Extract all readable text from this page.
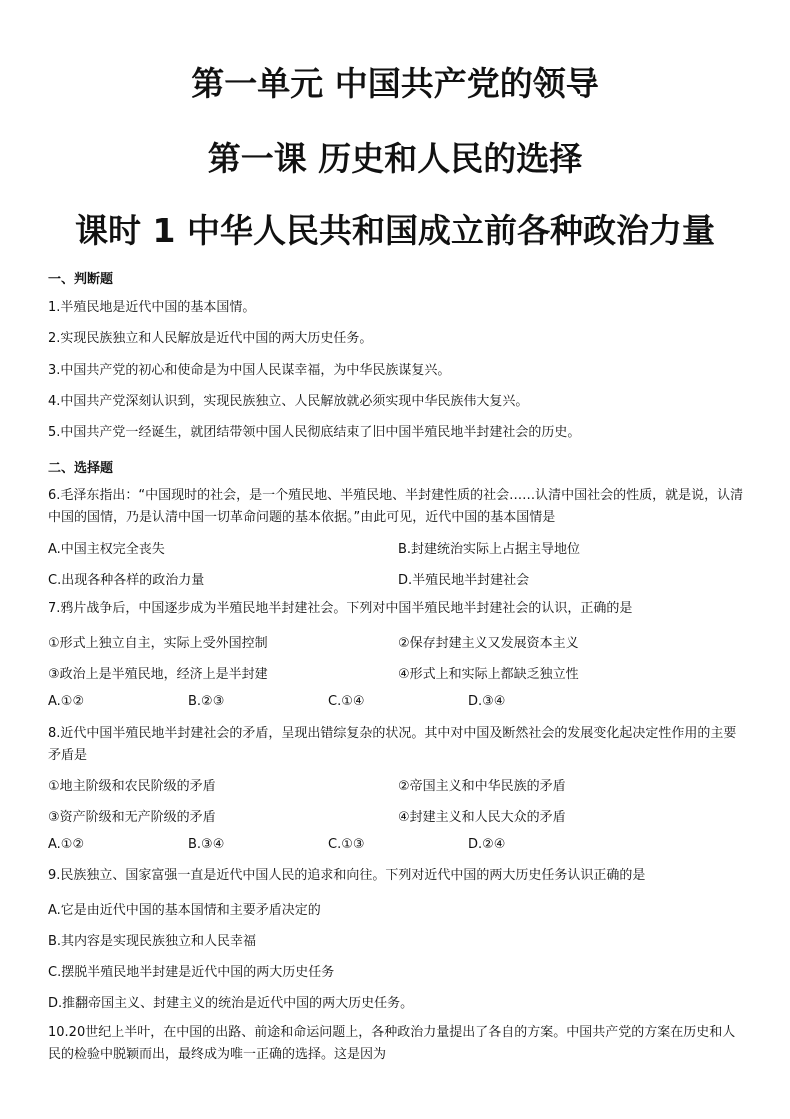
第一单元 中国共产党的领导
第一课 历史和人民的选择
课时 1 中华人民共和国成立前各种政治力量

一、判断题

1.半殖民地是近代中国的基本国情。

2.实现民族独立和人民解放是近代中国的两大历史任务。

3.中国共产党的初心和使命是为中国人民谋幸福，为中华民族谋复兴。

4.中国共产党深刻认识到，实现民族独立、人民解放就必须实现中华民族伟大复兴。

5.中国共产党一经诞生，就团结带领中国人民彻底结束了旧中国半殖民地半封建社会的历史。

二、选择题

6.毛泽东指出：“中国现时的社会，是一个殖民地、半殖民地、半封建性质的社会……认清中国社会的性质，就是说，认清中国的国情，乃是认清中国一切革命问题的基本依据。”由此可见，近代中国的基本国情是

A.中国主权完全丧失	B.封建统治实际上占据主导地位

C.出现各种各样的政治力量	D.半殖民地半封建社会

7.鸦片战争后，中国逐步成为半殖民地半封建社会。下列对中国半殖民地半封建社会的认识，正确的是

①形式上独立自主，实际上受外国控制	②保存封建主义又发展资本主义

③政治上是半殖民地，经济上是半封建	④形式上和实际上都缺乏独立性

A.①②	B.②③	C.①④	D.③④

8.近代中国半殖民地半封建社会的矛盾，呈现出错综复杂的状况。其中对中国及断然社会的发展变化起决定性作用的主要矛盾是

①地主阶级和农民阶级的矛盾	②帝国主义和中华民族的矛盾

③资产阶级和无产阶级的矛盾	④封建主义和人民大众的矛盾

A.①②	B.③④	C.①③	D.②④

9.民族独立、国家富强一直是近代中国人民的追求和向往。下列对近代中国的两大历史任务认识正确的是

A.它是由近代中国的基本国情和主要矛盾决定的

B.其内容是实现民族独立和人民幸福

C.摆脱半殖民地半封建是近代中国的两大历史任务

D.推翻帝国主义、封建主义的统治是近代中国的两大历史任务。

10.20世纪上半叶，在中国的出路、前途和命运问题上，各种政治力量提出了各自的方案。中国共产党的方案在历史和人民的检验中脱颖而出，最终成为唯一正确的选择。这是因为
